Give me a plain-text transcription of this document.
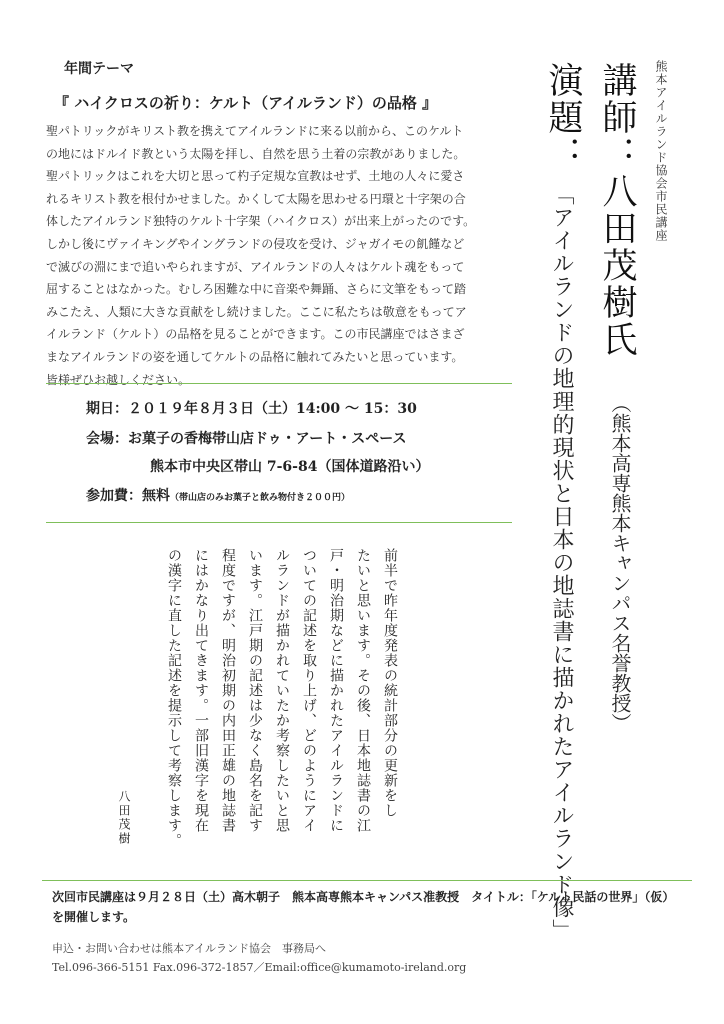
熊本アイルランド協会市民講座
講師：八田茂樹氏
（熊本高専熊本キャンパス名誉教授）
演題：
「アイルランドの地理的現状と日本の地誌書に描かれたアイルランド像」
年間テーマ
『 ハイクロスの祈り：ケルト（アイルランド）の品格 』

聖パトリックがキリスト教を携えてアイルランドに来る以前から、このケルト

の地にはドルイド教という太陽を拝し、自然を思う土着の宗教がありました。

聖パトリックはこれを大切と思って杓子定規な宣教はせず、土地の人々に愛さ

れるキリスト教を根付かせました。かくして太陽を思わせる円環と十字架の合

体したアイルランド独特のケルト十字架（ハイクロス）が出来上がったのです。

しかし後にヴァイキングやイングランドの侵攻を受け、ジャガイモの飢饉など

で滅びの淵にまで追いやられますが、アイルランドの人々はケルト魂をもって

屈することはなかった。むしろ困難な中に音楽や舞踊、さらに文筆をもって踏

みこたえ、人類に大きな貢献をし続けました。ここに私たちは敬意をもってア

イルランド（ケルト）の品格を見ることができます。この市民講座ではさまざ

まなアイルランドの姿を通してケルトの品格に触れてみたいと思っています。

皆様ぜひお越しください。

期日：２０１９年８月３日（土）14:00 ～ 15：30
会場：お菓子の香梅帯山店ドゥ・アート・スペース
熊本市中央区帯山 7-6-84（国体道路沿い）
参加費：無料（帯山店のみお菓子と飲み物付き２００円）
前半で昨年度発表の統計部分の更新をし
たいと思います。その後、日本地誌書の江
戸・明治期などに描かれたアイルランドに
ついての記述を取り上げ、どのようにアイ
ルランドが描かれていたか考察したいと思
います。江戸期の記述は少なく島名を記す
程度ですが、明治初期の内田正雄の地誌書
にはかなり出てきます。一部旧漢字を現在
の漢字に直した記述を提示して考察します。
八田茂樹
次回市民講座は９月２８日（土）高木朝子　熊本高専熊本キャンパス准教授　タイトル：「ケルト民話の世界」（仮）を開催します。
申込・お問い合わせは熊本アイルランド協会　事務局へ
Tel.096-366-5151 Fax.096-372-1857／Email:office@kumamoto-ireland.org
